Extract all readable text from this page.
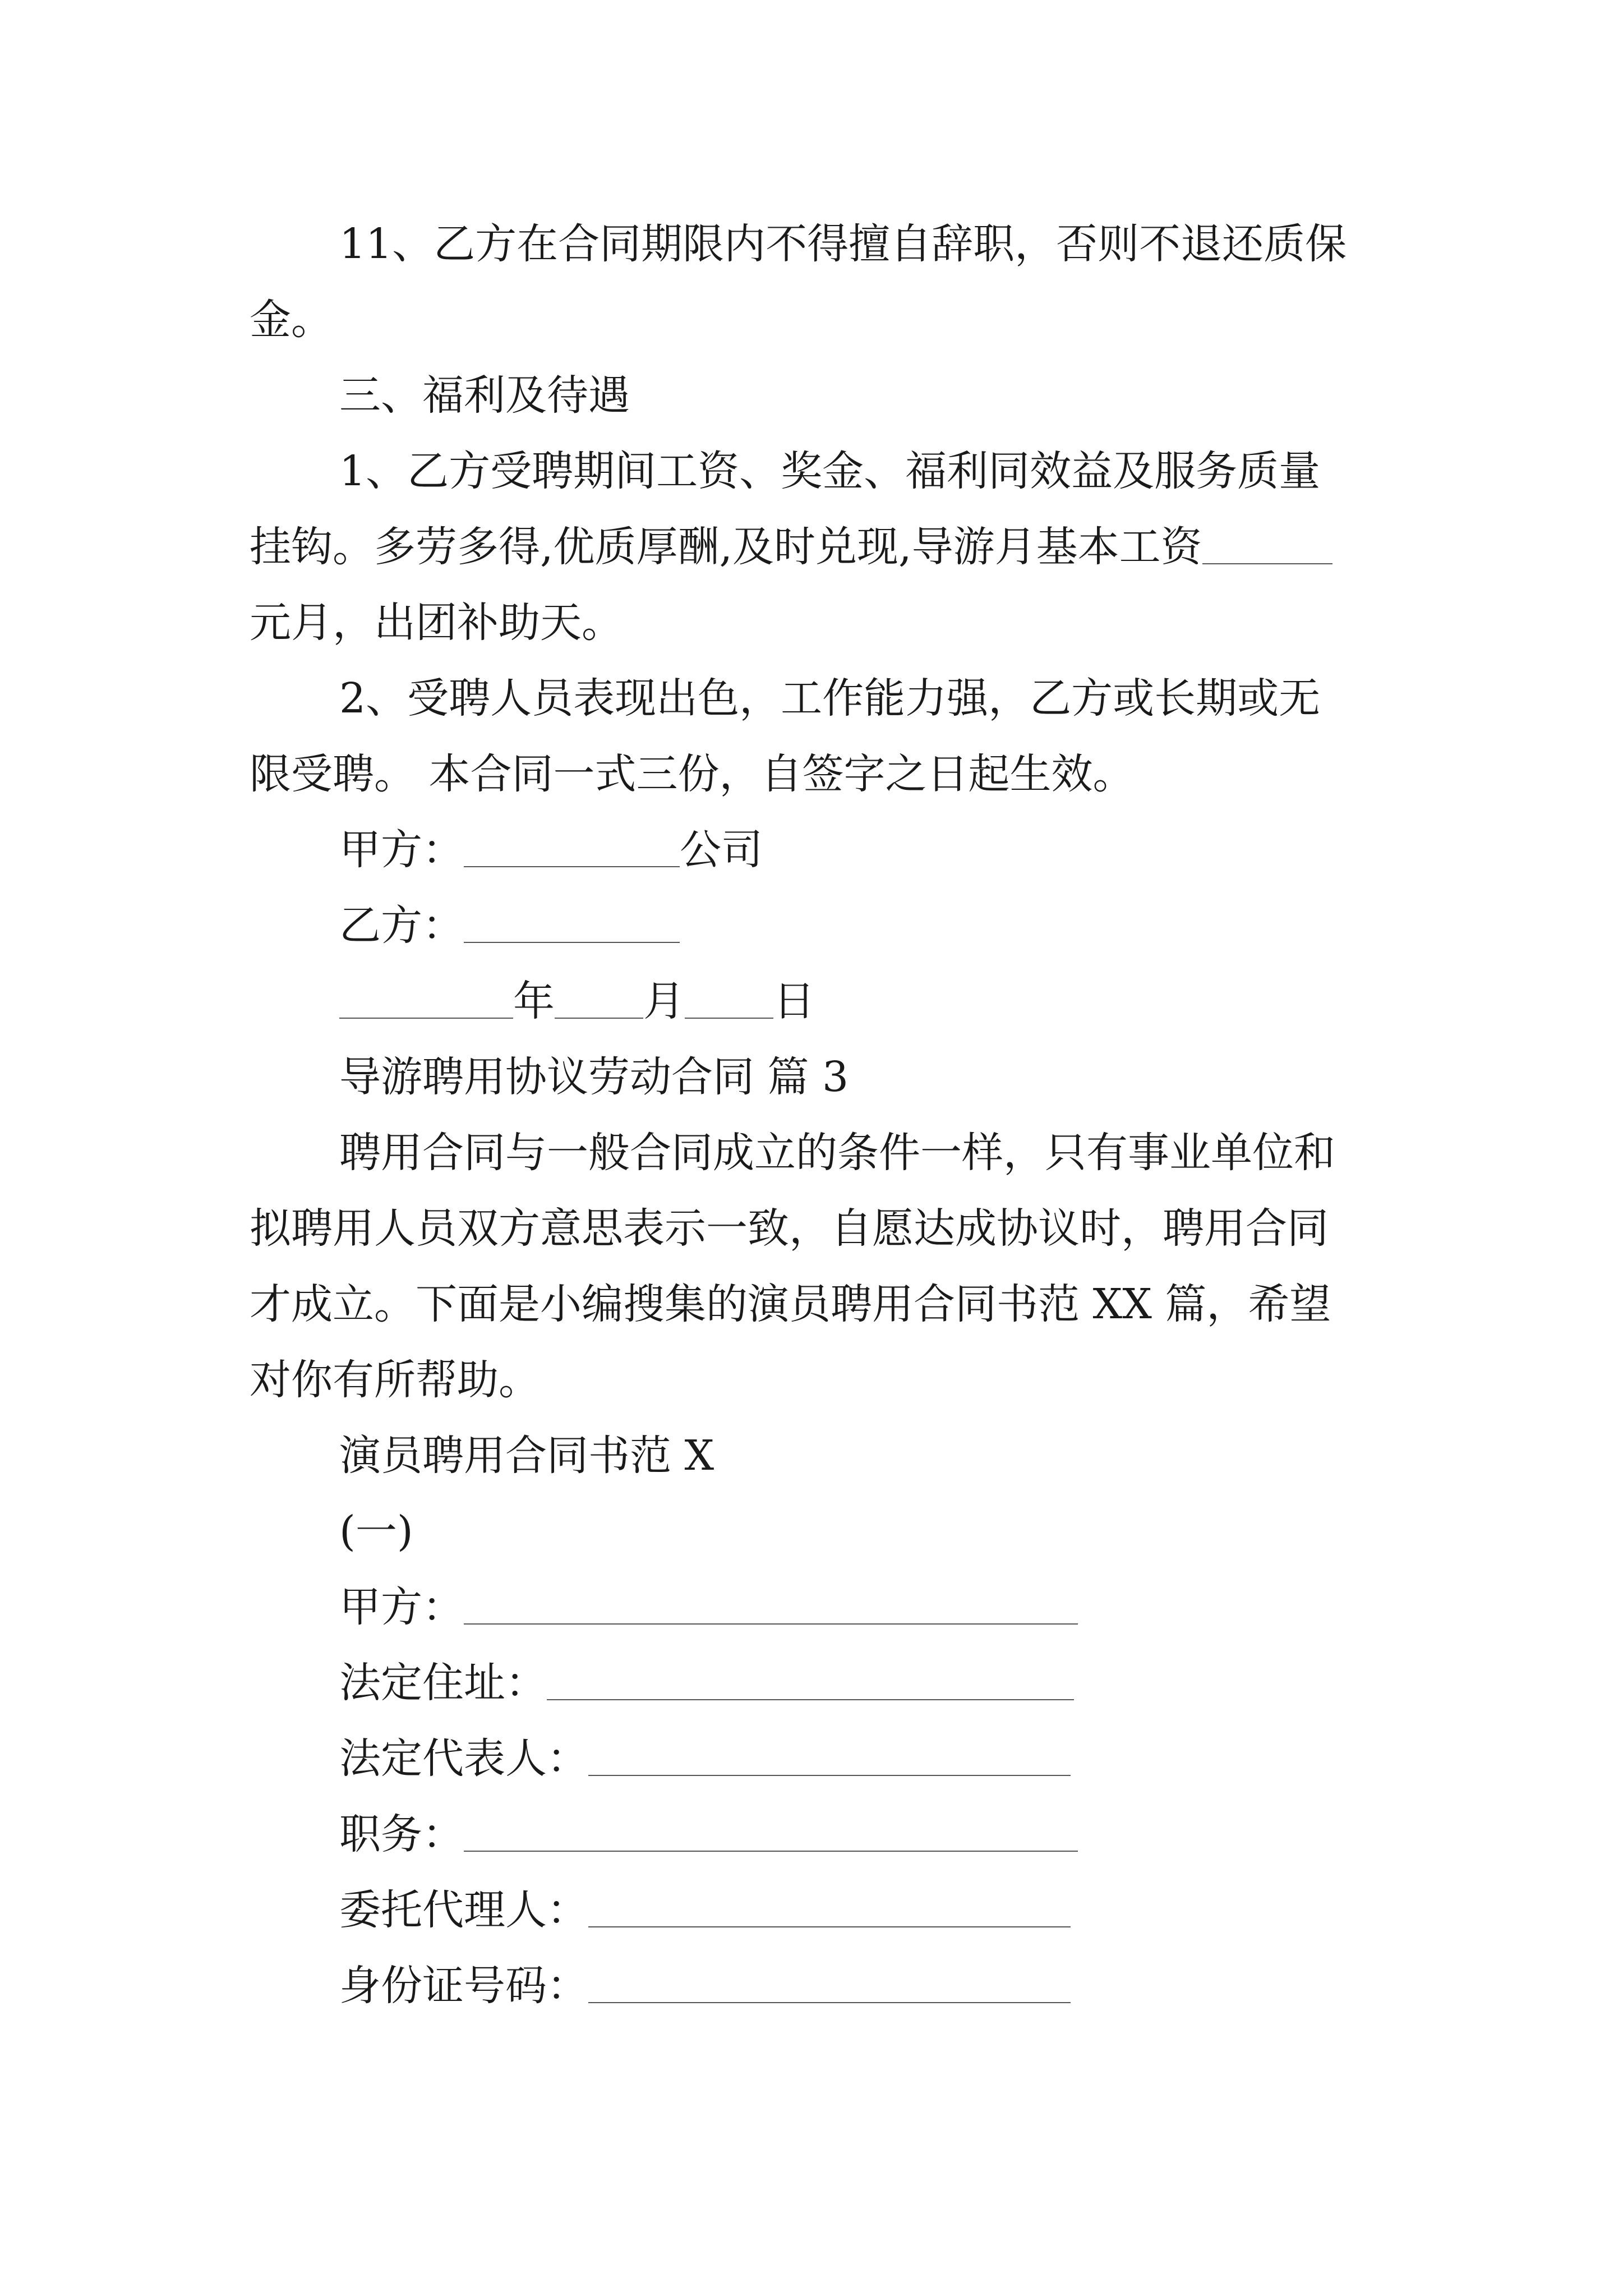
11、乙方在合同期限内不得擅自辞职，否则不退还质保
金。
三、福利及待遇
1、乙方受聘期间工资、奖金、福利同效益及服务质量
挂钩。多劳多得,优质厚酬,及时兑现,导游月基本工资
元月，出团补助天。
2、受聘人员表现出色，工作能力强，乙方或长期或无
限受聘。 本合同一式三份，自签字之日起生效。
甲方：	公司
乙方：
年 月 日
导游聘用协议劳动合同 篇 3
聘用合同与一般合同成立的条件一样，只有事业单位和
拟聘用人员双方意思表示一致，自愿达成协议时，聘用合同
才成立。下面是小编搜集的演员聘用合同书范 XX 篇，希望
对你有所帮助。
演员聘用合同书范 X
(一)
甲方：
法定住址：
法定代表人：
职务：
委托代理人：
身份证号码：
